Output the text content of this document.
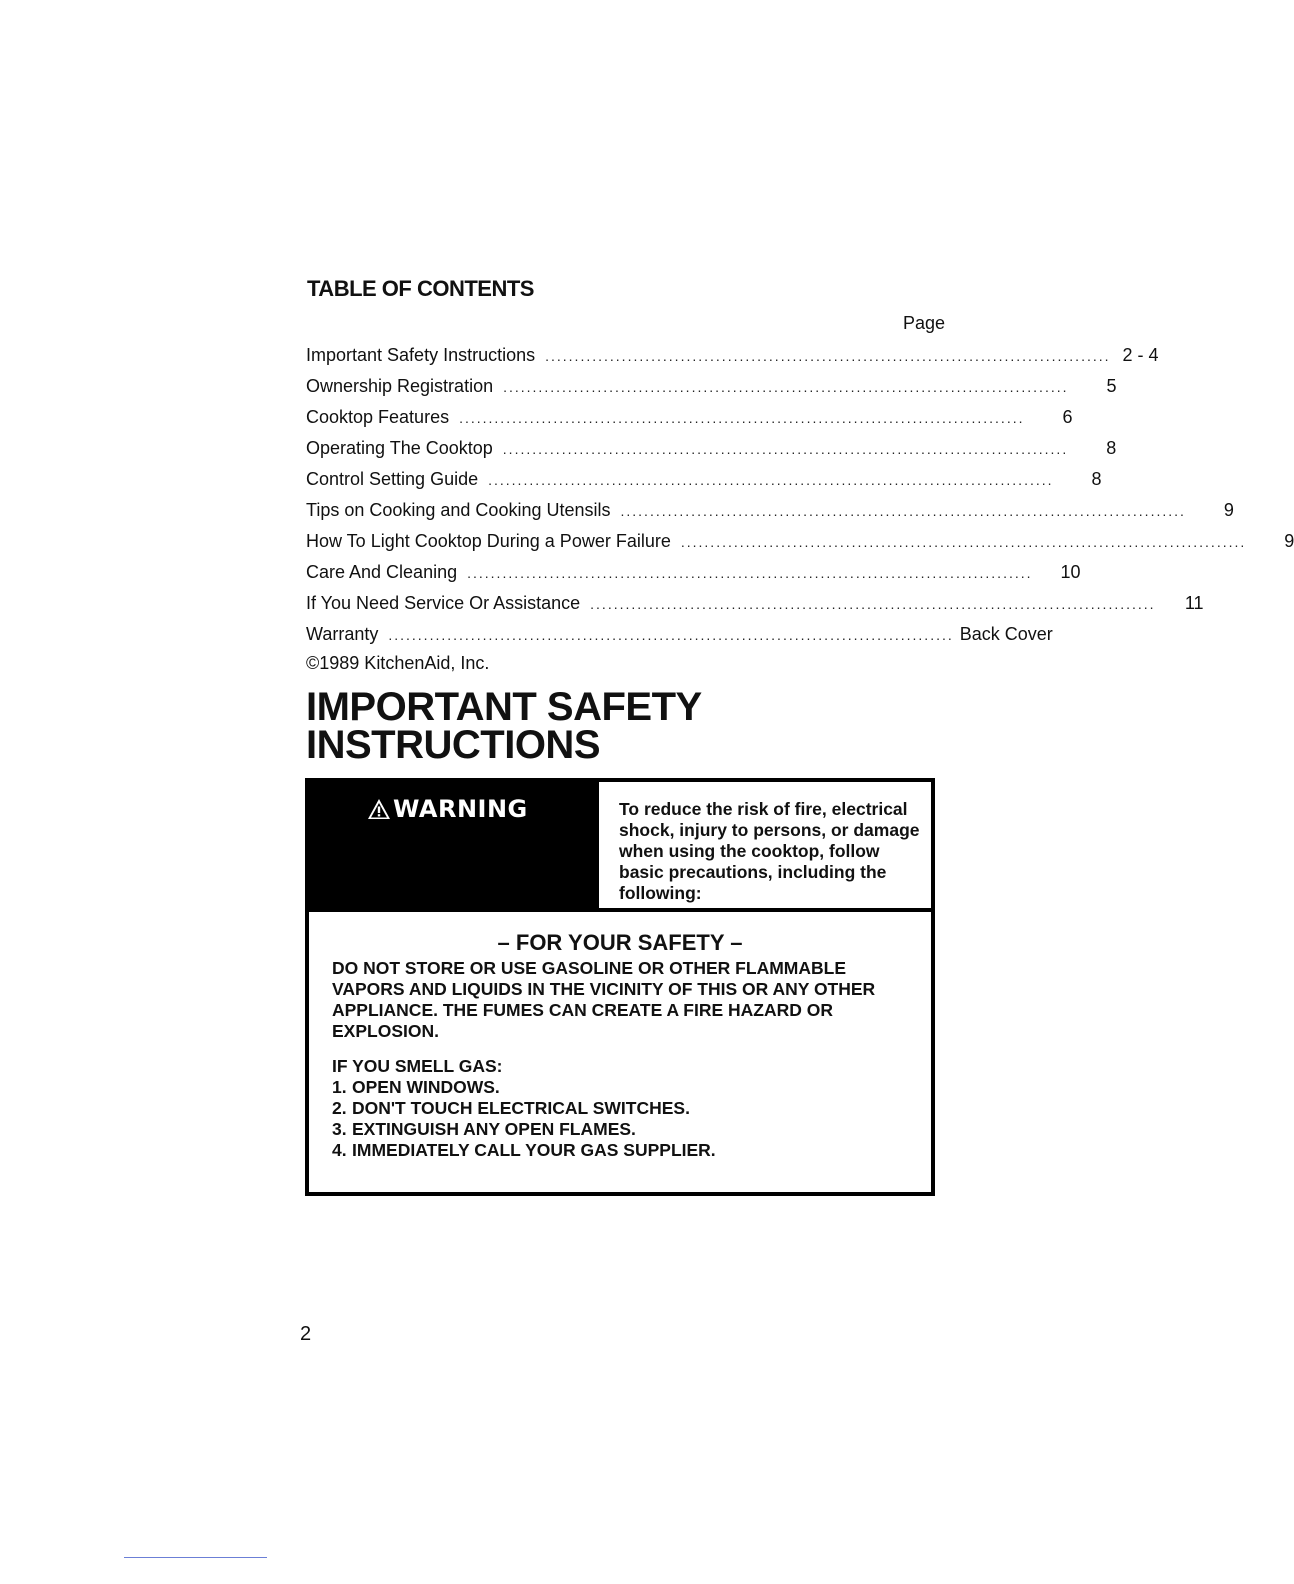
TABLE OF CONTENTS
Page
Important Safety Instructions ................................................................................................ 2 - 4
Ownership Registration ................................................................................................	5
Cooktop Features ................................................................................................	6
Operating The Cooktop ................................................................................................	8
Control Setting Guide ................................................................................................	8
Tips on Cooking and Cooking Utensils ................................................................................................	9
How To Light Cooktop During a Power Failure ................................................................................................	9
Care And Cleaning ................................................................................................	10
If You Need Service Or Assistance ................................................................................................	11
Warranty ................................................................................................ Back Cover
©1989 KitchenAid, Inc.
IMPORTANT SAFETY
INSTRUCTIONS
WARNING	To reduce the risk of fire, electrical shock, injury to persons, or damage when using the cooktop, follow basic precautions, including the following:
– FOR YOUR SAFETY –
DO NOT STORE OR USE GASOLINE OR OTHER FLAMMABLE VAPORS AND LIQUIDS IN THE VICINITY OF THIS OR ANY OTHER APPLIANCE. THE FUMES CAN CREATE A FIRE HAZARD OR EXPLOSION.
IF YOU SMELL GAS:
1. OPEN WINDOWS.
2. DON'T TOUCH ELECTRICAL SWITCHES.
3. EXTINGUISH ANY OPEN FLAMES.
4. IMMEDIATELY CALL YOUR GAS SUPPLIER.
2
